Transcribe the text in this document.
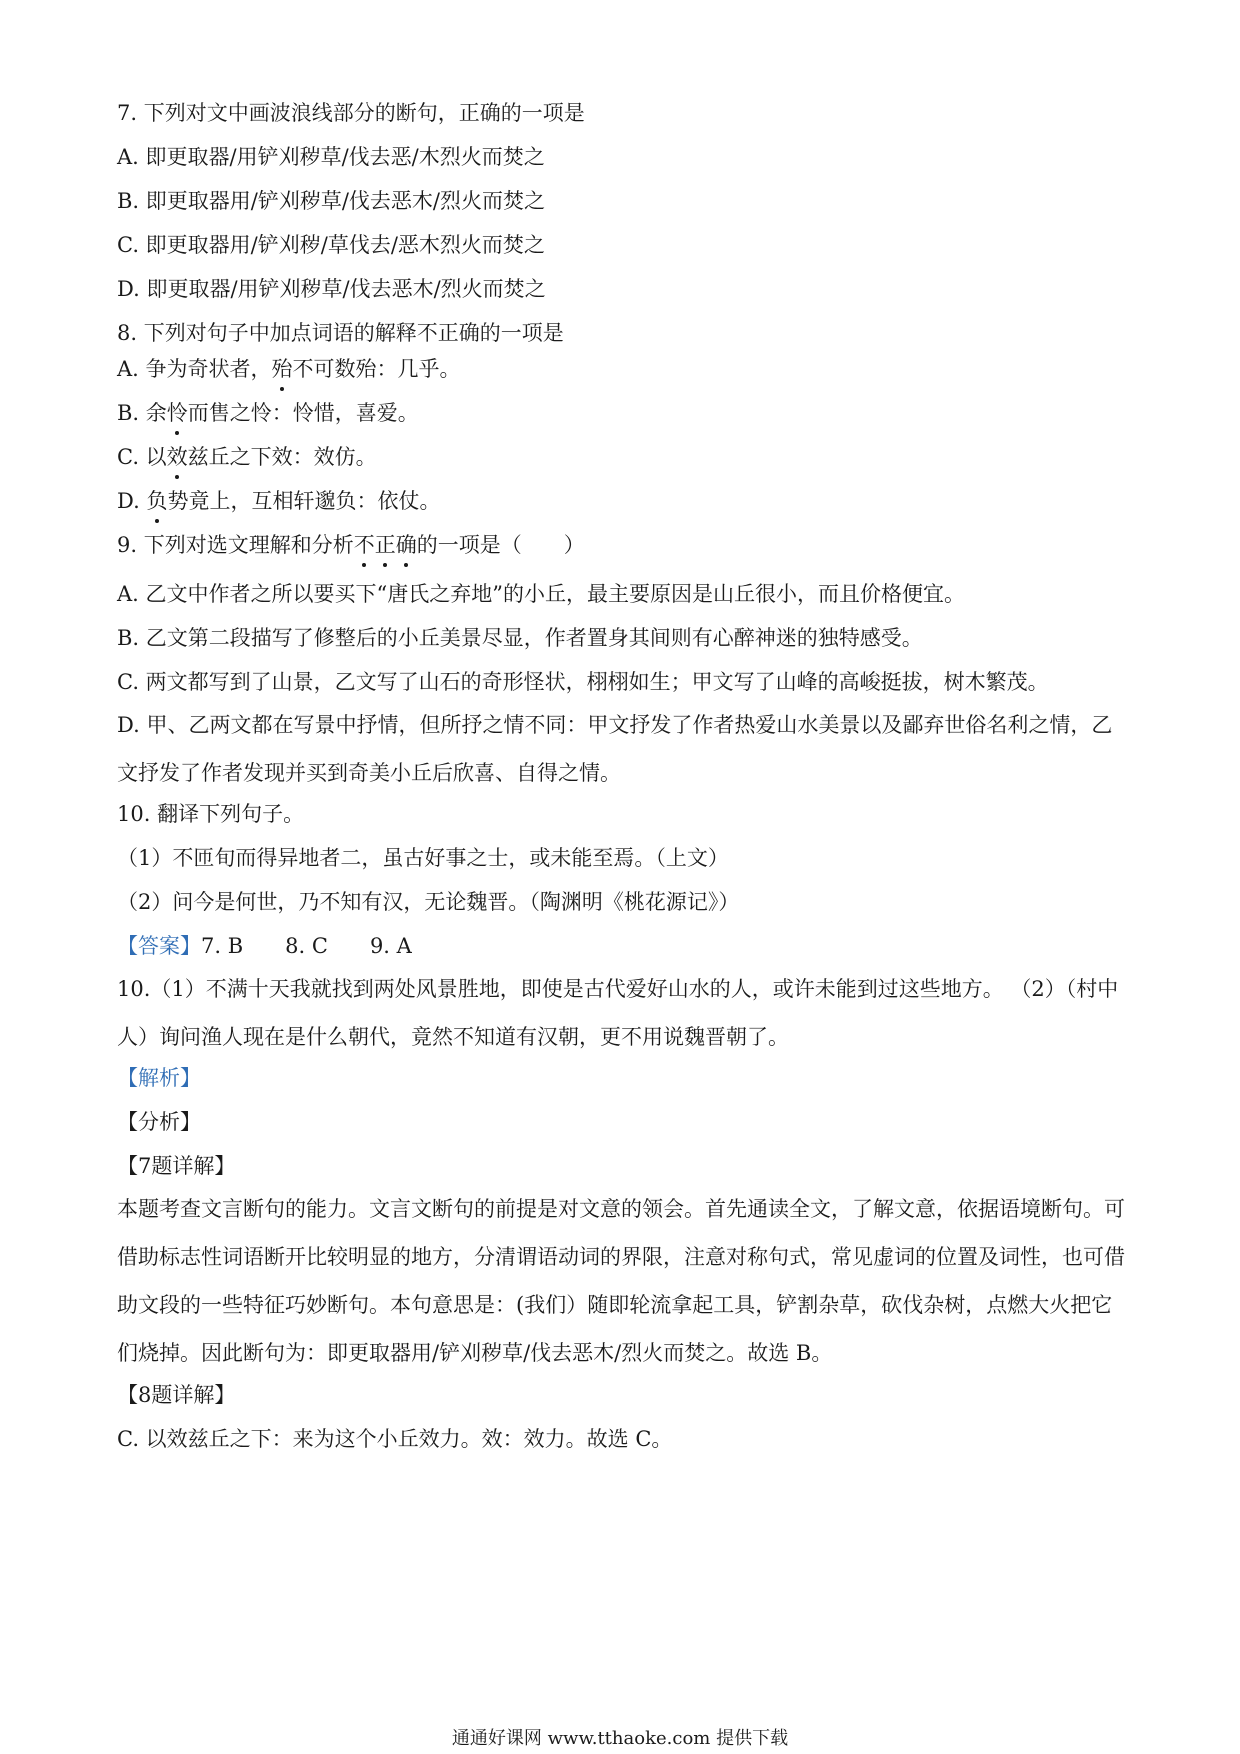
7. 下列对文中画波浪线部分的断句，正确的一项是

A. 即更取器/用铲刈秽草/伐去恶/木烈火而焚之

B. 即更取器用/铲刈秽草/伐去恶木/烈火而焚之

C. 即更取器用/铲刈秽/草伐去/恶木烈火而焚之

D. 即更取器/用铲刈秽草/伐去恶木/烈火而焚之

8. 下列对句子中加点词语的解释不正确的一项是

A. 争为奇状者，殆不可数殆：几乎。

B. 余怜而售之怜：怜惜，喜爱。

C. 以效兹丘之下效：效仿。

D. 负势竟上，互相轩邈负：依仗。

9. 下列对选文理解和分析不正确的一项是（　　）

A. 乙文中作者之所以要买下“唐氏之弃地”的小丘，最主要原因是山丘很小，而且价格便宜。

B. 乙文第二段描写了修整后的小丘美景尽显，作者置身其间则有心醉神迷的独特感受。

C. 两文都写到了山景，乙文写了山石的奇形怪状，栩栩如生；甲文写了山峰的高峻挺拔，树木繁茂。

D. 甲、乙两文都在写景中抒情，但所抒之情不同：甲文抒发了作者热爱山水美景以及鄙弃世俗名利之情，乙文抒发了作者发现并买到奇美小丘后欣喜、自得之情。

10. 翻译下列句子。

（1）不匝旬而得异地者二，虽古好事之士，或未能至焉。（上文）

（2）问今是何世，乃不知有汉，无论魏晋。（陶渊明《桃花源记》）

【答案】7. B 8. C 9. A

10.（1）不满十天我就找到两处风景胜地，即使是古代爱好山水的人，或许未能到过这些地方。 （2）（村中人）询问渔人现在是什么朝代，竟然不知道有汉朝，更不用说魏晋朝了。

【解析】

【分析】

【7题详解】

本题考查文言断句的能力。文言文断句的前提是对文意的领会。首先通读全文，了解文意，依据语境断句。可借助标志性词语断开比较明显的地方，分清谓语动词的界限，注意对称句式，常见虚词的位置及词性，也可借助文段的一些特征巧妙断句。本句意思是：(我们）随即轮流拿起工具，铲割杂草，砍伐杂树，点燃大火把它们烧掉。因此断句为：即更取器用/铲刈秽草/伐去恶木/烈火而焚之。故选 B。

【8题详解】

C. 以效兹丘之下：来为这个小丘效力。效：效力。故选 C。

通通好课网 www.tthaoke.com 提供下载
